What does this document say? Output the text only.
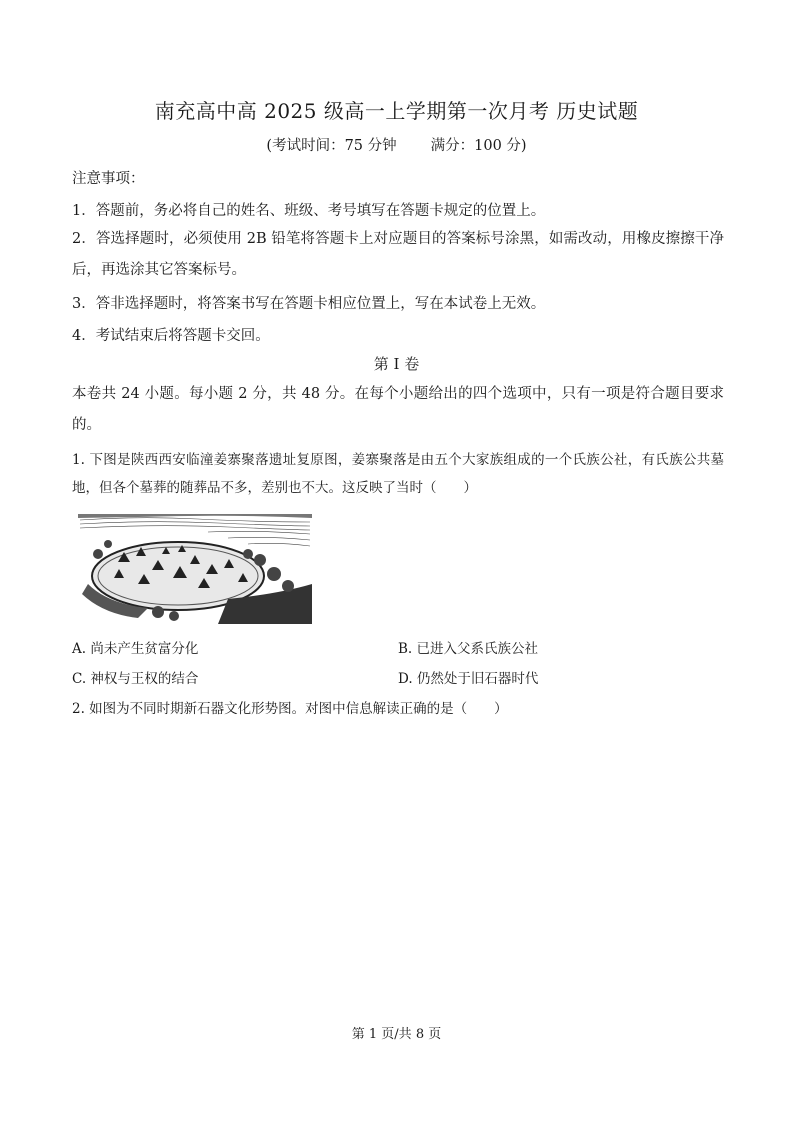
南充高中高 2025 级高一上学期第一次月考 历史试题
(考试时间：75 分钟 满分：100 分)
注意事项：
1．答题前，务必将自己的姓名、班级、考号填写在答题卡规定的位置上。
2．答选择题时，必须使用 2B 铅笔将答题卡上对应题目的答案标号涂黑，如需改动，用橡皮擦擦干净后，再选涂其它答案标号。
3．答非选择题时，将答案书写在答题卡相应位置上，写在本试卷上无效。
4．考试结束后将答题卡交回。
第 I 卷
本卷共 24 小题。每小题 2 分，共 48 分。在每个小题给出的四个选项中，只有一项是符合题目要求的。
1. 下图是陕西西安临潼姜寨聚落遗址复原图，姜寨聚落是由五个大家族组成的一个氏族公社，有氏族公共墓地，但各个墓葬的随葬品不多，差别也不大。这反映了当时（　　）
A. 尚未产生贫富分化	B. 已进入父系氏族公社
C. 神权与王权的结合	D. 仍然处于旧石器时代
2. 如图为不同时期新石器文化形势图。对图中信息解读正确的是（　　）
第 1 页/共 8 页
